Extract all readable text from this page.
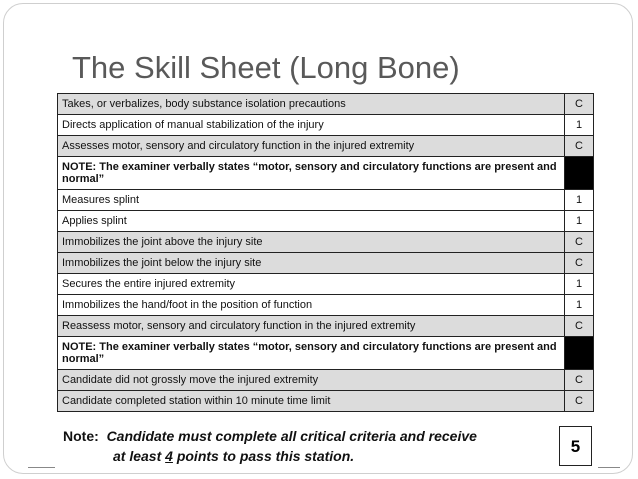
The Skill Sheet (Long Bone)
Takes, or verbalizes, body substance isolation precautions	C
Directs application of manual stabilization of the injury	1
Assesses motor, sensory and circulatory function in the injured extremity	C
NOTE: The examiner verbally states “motor, sensory and circulatory functions are present and normal”	
Measures splint	1
Applies splint	1
Immobilizes the joint above the injury site	C
Immobilizes the joint below the injury site	C
Secures the entire injured extremity	1
Immobilizes the hand/foot in the position of function	1
Reassess motor, sensory and circulatory function in the injured extremity	C
NOTE: The examiner verbally states “motor, sensory and circulatory functions are present and normal”	
Candidate did not grossly move the injured extremity	C
Candidate completed station within 10 minute time limit	C
Note: Candidate must complete all critical criteria and receive
at least 4 points to pass this station.	5
